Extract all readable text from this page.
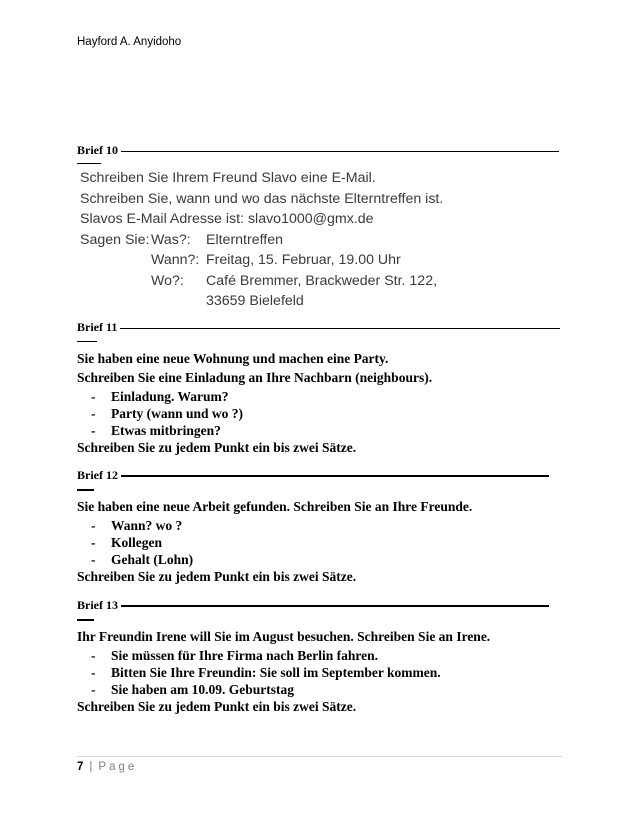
Hayford A. Anyidoho
Brief 10
Schreiben Sie Ihrem Freund Slavo eine E-Mail.
Schreiben Sie, wann und wo das nächste Elterntreffen ist.
Slavos E-Mail Adresse ist: slavo1000@gmx.de
Sagen Sie: Was?:	Elterntreffen
Wann?: Freitag, 15. Februar, 19.00 Uhr
Wo?:	Café Bremmer, Brackweder Str. 122,
33659 Bielefeld
Brief 11
Sie haben eine neue Wohnung und machen eine Party.
Schreiben Sie eine Einladung an Ihre Nachbarn (neighbours).
- Einladung. Warum?
- Party (wann und wo ?)
- Etwas mitbringen?
Schreiben Sie zu jedem Punkt ein bis zwei Sätze.
Brief 12
Sie haben eine neue Arbeit gefunden. Schreiben Sie an Ihre Freunde.
- Wann? wo ?
- Kollegen
- Gehalt (Lohn)
Schreiben Sie zu jedem Punkt ein bis zwei Sätze.
Brief 13
Ihr Freundin Irene will Sie im August besuchen. Schreiben Sie an Irene.
- Sie müssen für Ihre Firma nach Berlin fahren.
- Bitten Sie Ihre Freundin: Sie soll im September kommen.
- Sie haben am 10.09. Geburtstag
Schreiben Sie zu jedem Punkt ein bis zwei Sätze.
7 | Page
